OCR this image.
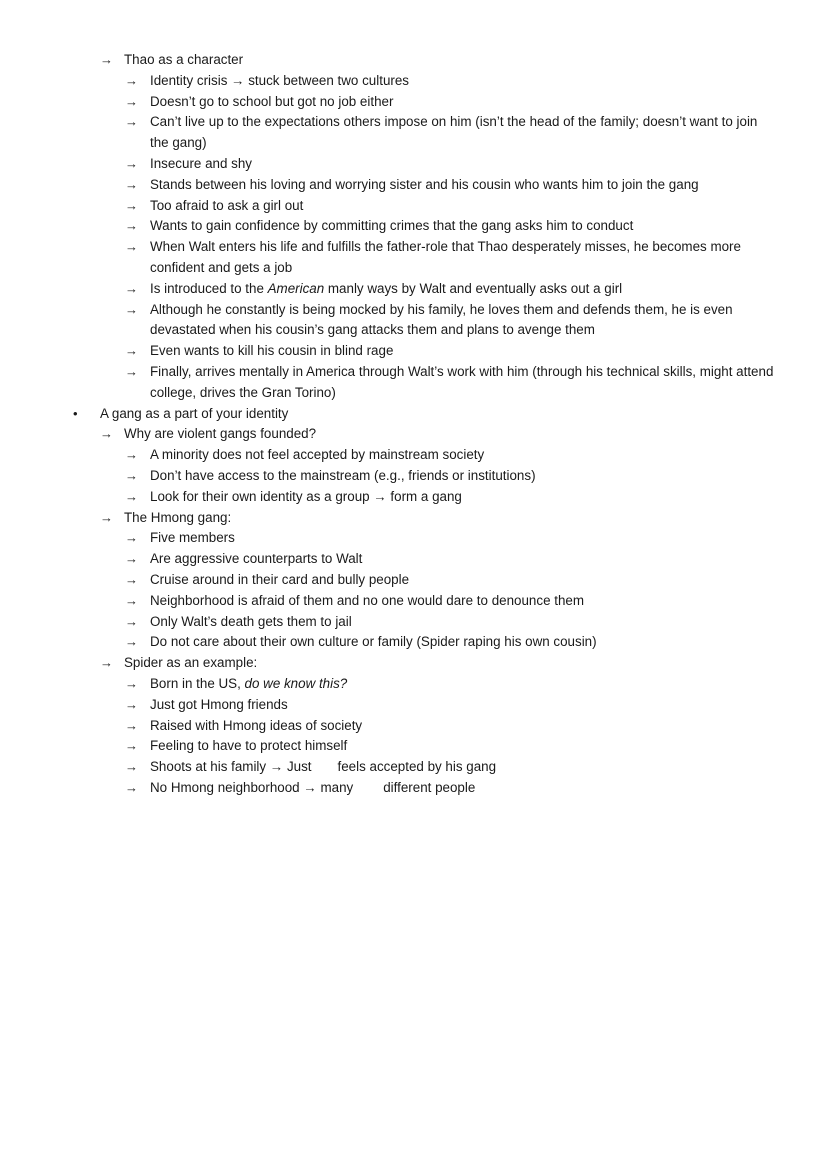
→ Thao as a character
→ Identity crisis → stuck between two cultures
→ Doesn’t go to school but got no job either
→ Can’t live up to the expectations others impose on him (isn’t the head of the family; doesn’t want to join the gang)
→ Insecure and shy
→ Stands between his loving and worrying sister and his cousin who wants him to join the gang
→ Too afraid to ask a girl out
→ Wants to gain confidence by committing crimes that the gang asks him to conduct
→ When Walt enters his life and fulfills the father-role that Thao desperately misses, he becomes more confident and gets a job
→ Is introduced to the American manly ways by Walt and eventually asks out a girl
→ Although he constantly is being mocked by his family, he loves them and defends them, he is even devastated when his cousin’s gang attacks them and plans to avenge them
→ Even wants to kill his cousin in blind rage
→ Finally, arrives mentally in America through Walt’s work with him (through his technical skills, might attend college, drives the Gran Torino)
• A gang as a part of your identity
→ Why are violent gangs founded?
→ A minority does not feel accepted by mainstream society
→ Don’t have access to the mainstream (e.g., friends or institutions)
→ Look for their own identity as a group → form a gang
→ The Hmong gang:
→ Five members
→ Are aggressive counterparts to Walt
→ Cruise around in their card and bully people
→ Neighborhood is afraid of them and no one would dare to denounce them
→ Only Walt’s death gets them to jail
→ Do not care about their own culture or family (Spider raping his own cousin)
→ Spider as an example:
→ Born in the US, do we know this?
→ Just got Hmong friends
→ Raised with Hmong ideas of society
→ Feeling to have to protect himself
→ Shoots at his family → Just feels accepted by his gang
→ No Hmong neighborhood → many different people
